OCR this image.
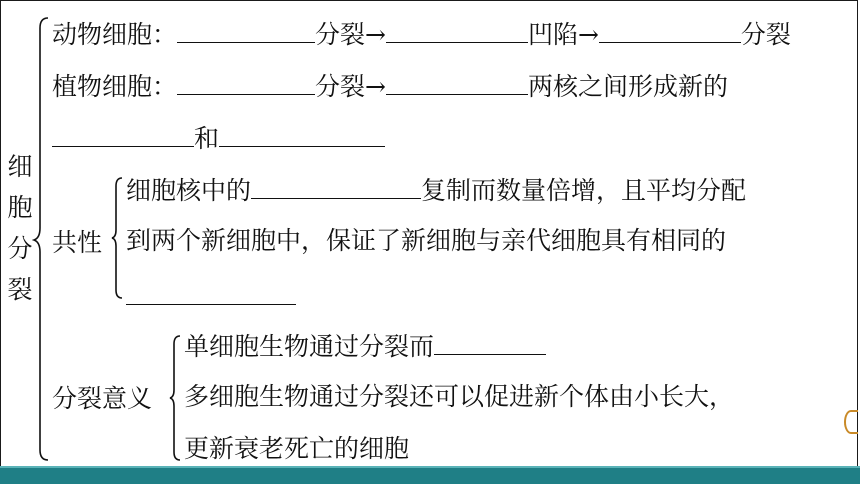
细
胞
分
裂
动物细胞：	分裂→	凹陷→	分裂
植物细胞：	分裂→	两核之间形成新的
和
共性
细胞核中的	复制而数量倍增，且平均分配
到两个新细胞中，保证了新细胞与亲代细胞具有相同的
分裂意义
单细胞生物通过分裂而
多细胞生物通过分裂还可以促进新个体由小长大，
更新衰老死亡的细胞
